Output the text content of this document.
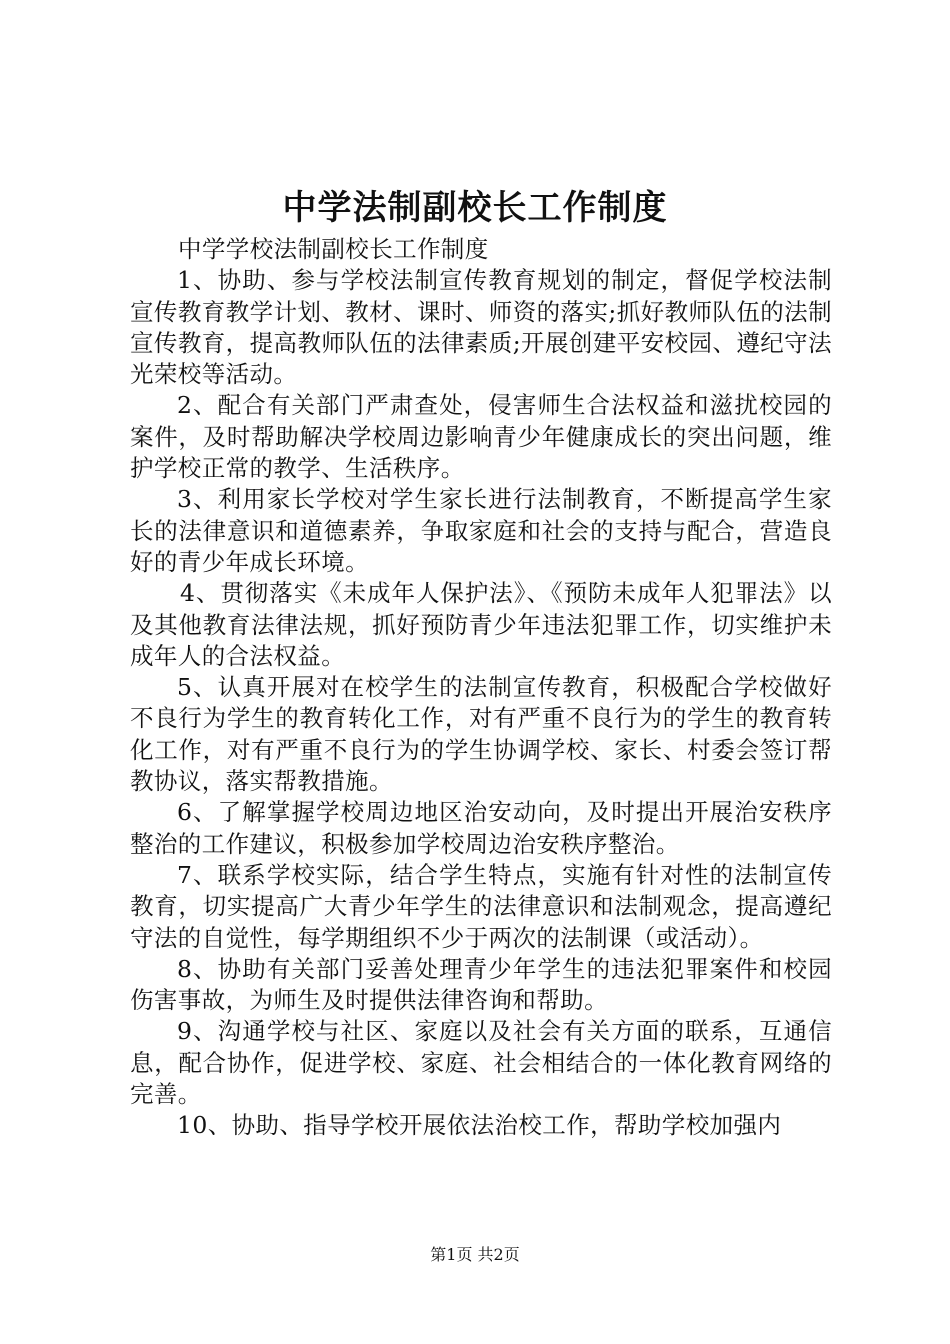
中学法制副校长工作制度

中学学校法制副校长工作制度

1、协助、参与学校法制宣传教育规划的制定，督促学校法制宣传教育教学计划、教材、课时、师资的落实;抓好教师队伍的法制宣传教育，提高教师队伍的法律素质;开展创建平安校园、遵纪守法光荣校等活动。

2、配合有关部门严肃查处，侵害师生合法权益和滋扰校园的案件，及时帮助解决学校周边影响青少年健康成长的突出问题，维护学校正常的教学、生活秩序。

3、利用家长学校对学生家长进行法制教育，不断提高学生家长的法律意识和道德素养，争取家庭和社会的支持与配合，营造良好的青少年成长环境。

4、贯彻落实《未成年人保护法》、《预防未成年人犯罪法》以及其他教育法律法规，抓好预防青少年违法犯罪工作，切实维护未成年人的合法权益。

5、认真开展对在校学生的法制宣传教育，积极配合学校做好不良行为学生的教育转化工作，对有严重不良行为的学生的教育转化工作，对有严重不良行为的学生协调学校、家长、村委会签订帮教协议，落实帮教措施。

6、了解掌握学校周边地区治安动向，及时提出开展治安秩序整治的工作建议，积极参加学校周边治安秩序整治。

7、联系学校实际，结合学生特点，实施有针对性的法制宣传教育，切实提高广大青少年学生的法律意识和法制观念，提高遵纪守法的自觉性，每学期组织不少于两次的法制课（或活动）。

8、协助有关部门妥善处理青少年学生的违法犯罪案件和校园伤害事故，为师生及时提供法律咨询和帮助。

9、沟通学校与社区、家庭以及社会有关方面的联系，互通信息，配合协作，促进学校、家庭、社会相结合的一体化教育网络的完善。

10、协助、指导学校开展依法治校工作，帮助学校加强内

第1页 共2页
